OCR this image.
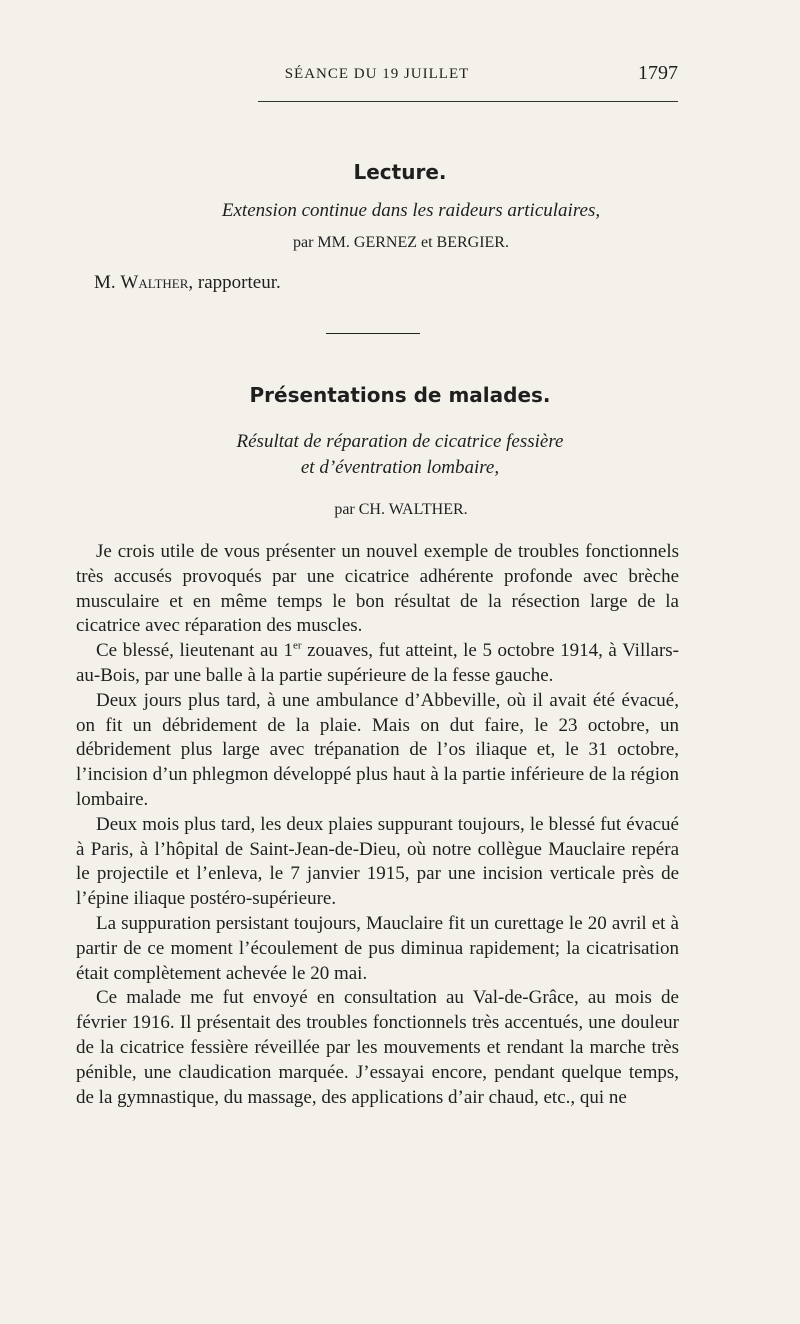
SÉANCE DU 19 JUILLET	1797
Lecture.
Extension continue dans les raideurs articulaires,
par MM. GERNEZ et BERGIER.
M. Walther, rapporteur.
Présentations de malades.
Résultat de réparation de cicatrice fessière
et d’éventration lombaire,
par CH. WALTHER.

Je crois utile de vous présenter un nouvel exemple de troubles fonctionnels très accusés provoqués par une cicatrice adhérente profonde avec brèche musculaire et en même temps le bon résultat de la résection large de la cicatrice avec réparation des muscles.

Ce blessé, lieutenant au 1er zouaves, fut atteint, le 5 octobre 1914, à Villars-au-Bois, par une balle à la partie supérieure de la fesse gauche.

Deux jours plus tard, à une ambulance d’Abbeville, où il avait été évacué, on fit un débridement de la plaie. Mais on dut faire, le 23 octobre, un débridement plus large avec trépanation de l’os iliaque et, le 31 octobre, l’incision d’un phlegmon développé plus haut à la partie inférieure de la région lombaire.

Deux mois plus tard, les deux plaies suppurant toujours, le blessé fut évacué à Paris, à l’hôpital de Saint-Jean-de-Dieu, où notre collègue Mauclaire repéra le projectile et l’enleva, le 7 janvier 1915, par une incision verticale près de l’épine iliaque postéro-supérieure.

La suppuration persistant toujours, Mauclaire fit un curettage le 20 avril et à partir de ce moment l’écoulement de pus diminua rapidement; la cicatrisation était complètement achevée le 20 mai.

Ce malade me fut envoyé en consultation au Val-de-Grâce, au mois de février 1916. Il présentait des troubles fonctionnels très accentués, une douleur de la cicatrice fessière réveillée par les mouvements et rendant la marche très pénible, une claudication marquée. J’essayai encore, pendant quelque temps, de la gymnastique, du massage, des applications d’air chaud, etc., qui ne
